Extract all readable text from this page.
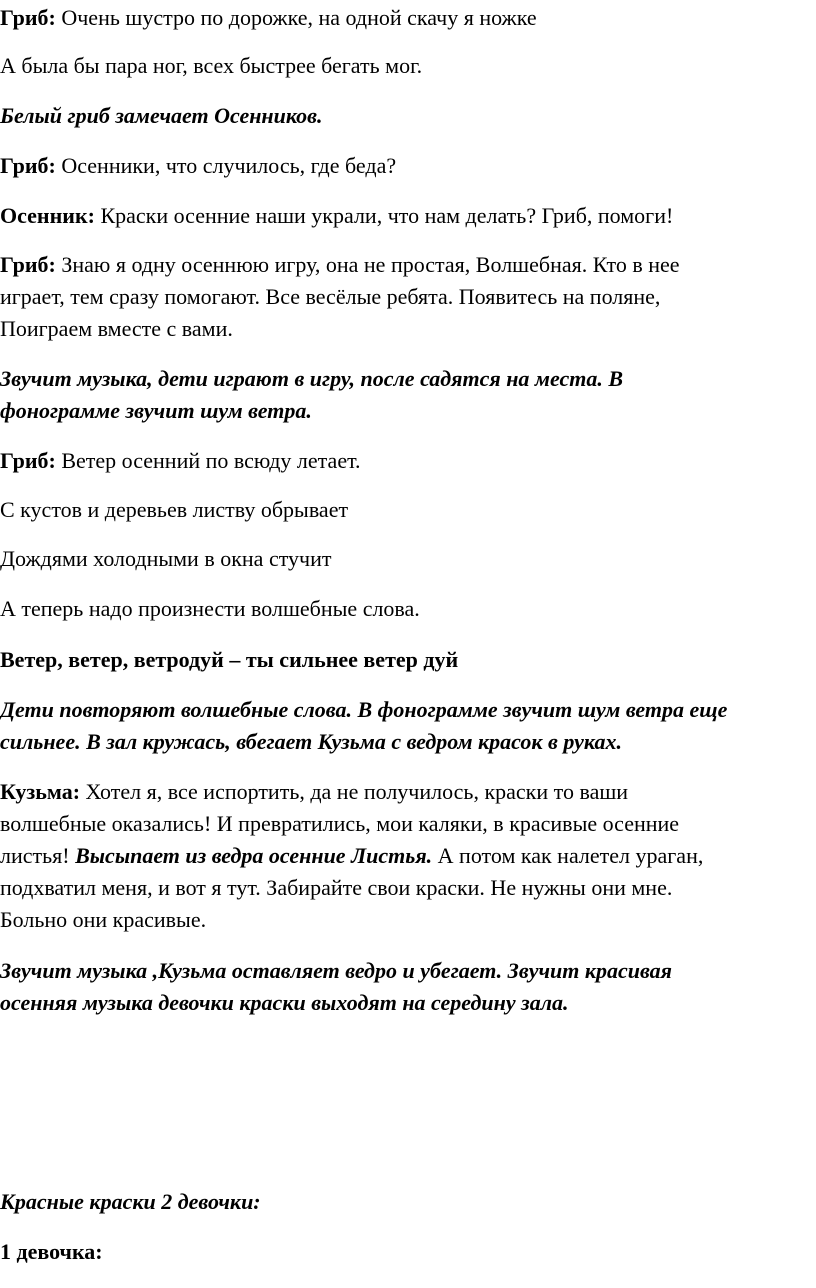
Гриб: Очень шустро по дорожке, на одной скачу я ножке

А была бы пара ног, всех быстрее бегать мог.

Белый гриб замечает Осенников.

Гриб: Осенники, что случилось, где беда?

Осенник: Краски осенние наши украли, что нам делать? Гриб, помоги!

Гриб: Знаю я одну осеннюю игру, она не простая, Волшебная. Кто в нее

играет, тем сразу помогают. Все весёлые ребята. Появитесь на поляне,

Поиграем вместе с вами.

Звучит музыка, дети играют в игру, после садятся на места. В

фонограмме звучит шум ветра.

Гриб: Ветер осенний по всюду летает.

С кустов и деревьев листву обрывает

Дождями холодными в окна стучит

А теперь надо произнести волшебные слова.

Ветер, ветер, ветродуй – ты сильнее ветер дуй

Дети повторяют волшебные слова. В фонограмме звучит шум ветра еще

сильнее. В зал кружась, вбегает Кузьма с ведром красок в руках.

Кузьма: Хотел я, все испортить, да не получилось, краски то ваши

волшебные оказались! И превратились, мои каляки, в красивые осенние

листья! Высыпает из ведра осенние Листья. А потом как налетел ураган,

подхватил меня, и вот я тут. Забирайте свои краски. Не нужны они мне.

Больно они красивые.

Звучит музыка ,Кузьма оставляет ведро и убегает. Звучит красивая

осенняя музыка девочки краски выходят на середину зала.

Красные краски 2 девочки:

1 девочка:
